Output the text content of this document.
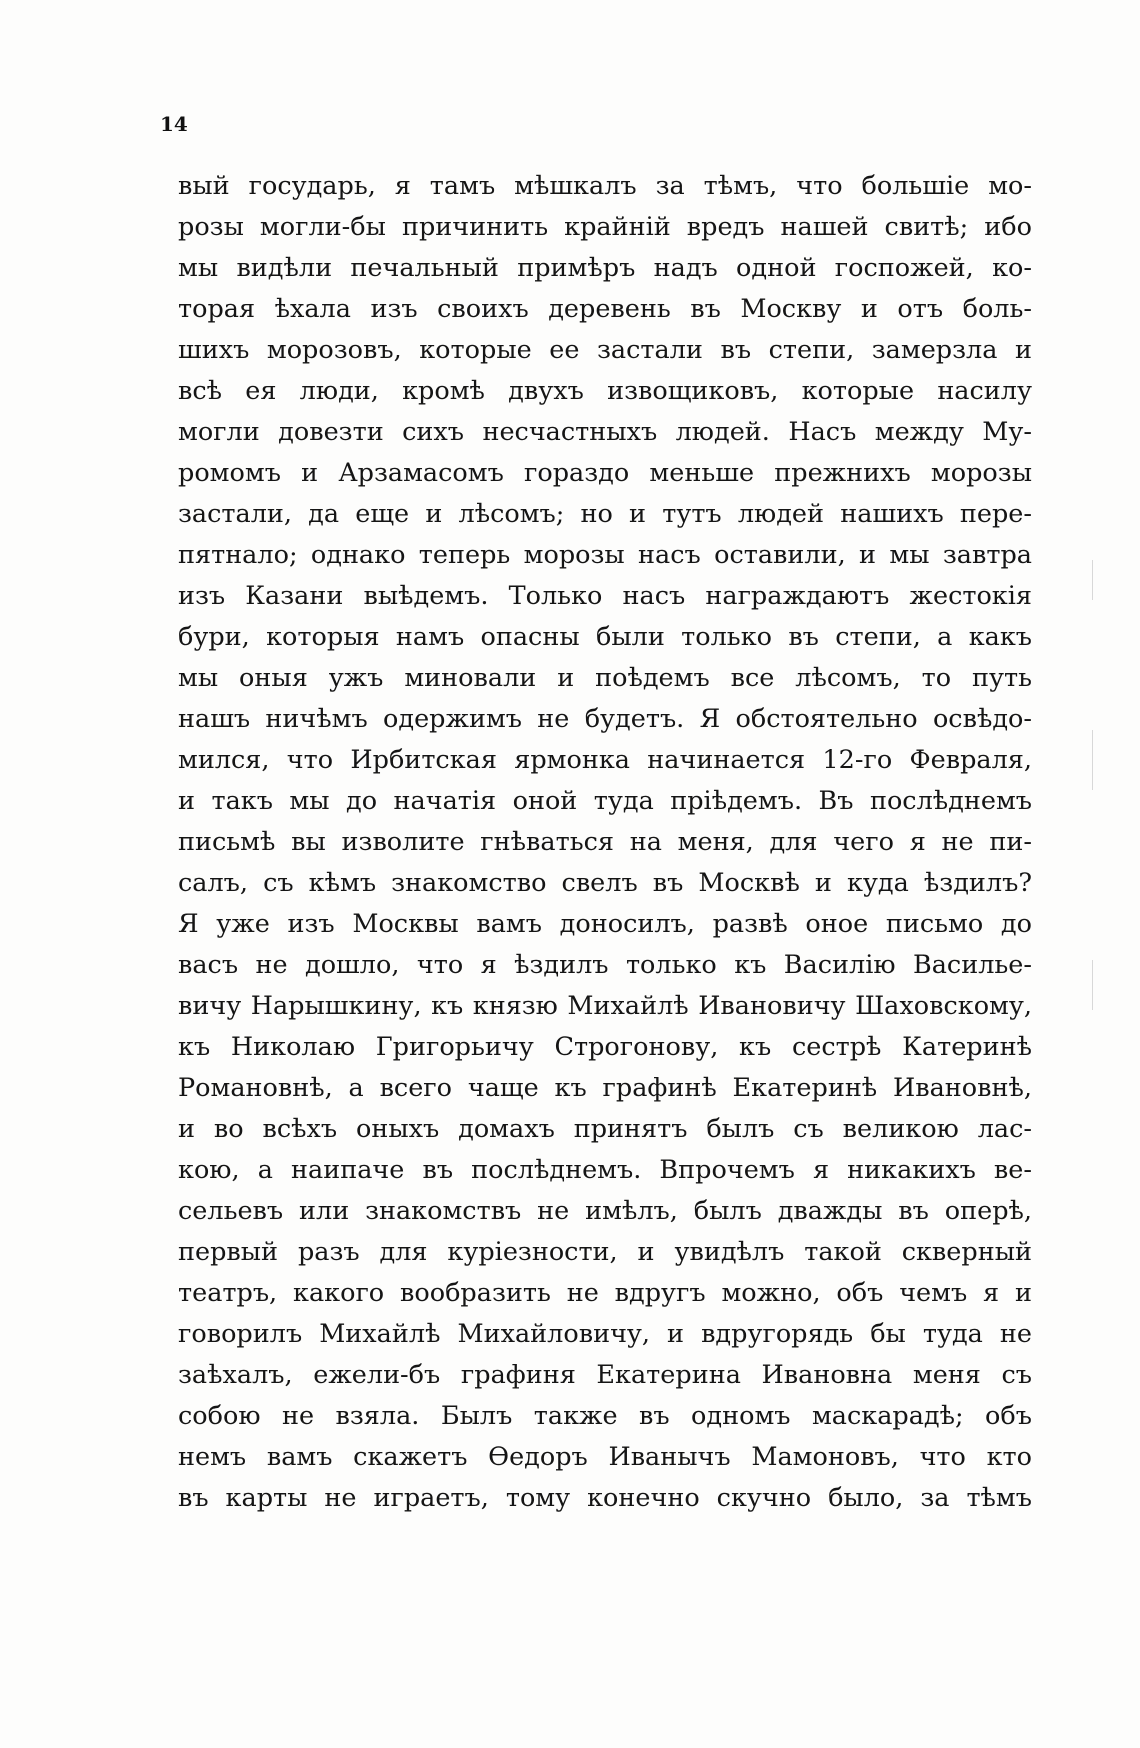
14
вый государь, я тамъ мѣшкалъ за тѣмъ, что большіе мо-
розы могли-бы причинить крайній вредъ нашей свитѣ; ибо
мы видѣли печальный примѣръ надъ одной госпожей, ко-
торая ѣхала изъ своихъ деревень въ Москву и отъ боль-
шихъ морозовъ, которые ее застали въ степи, замерзла и
всѣ ея люди, кромѣ двухъ извощиковъ, которые насилу
могли довезти сихъ несчастныхъ людей. Насъ между Му-
ромомъ и Арзамасомъ гораздо меньше прежнихъ морозы
застали, да еще и лѣсомъ; но и тутъ людей нашихъ пере-
пятнало; однако теперь морозы насъ оставили, и мы завтра
изъ Казани выѣдемъ. Только насъ награждаютъ жестокія
бури, которыя намъ опасны были только въ степи, а какъ
мы оныя ужъ миновали и поѣдемъ все лѣсомъ, то путь
нашъ ничѣмъ одержимъ не будетъ. Я обстоятельно освѣдо-
мился, что Ирбитская ярмонка начинается 12-го Февраля,
и такъ мы до начатія оной туда пріѣдемъ. Въ послѣднемъ
письмѣ вы изволите гнѣваться на меня, для чего я не пи-
салъ, съ кѣмъ знакомство свелъ въ Москвѣ и куда ѣздилъ?
Я уже изъ Москвы вамъ доносилъ, развѣ оное письмо до
васъ не дошло, что я ѣздилъ только къ Василію Василье-
вичу Нарышкину, къ князю Михайлѣ Ивановичу Шаховскому,
къ Николаю Григорьичу Строгонову, къ сестрѣ Катеринѣ
Романовнѣ, а всего чаще къ графинѣ Екатеринѣ Ивановнѣ,
и во всѣхъ оныхъ домахъ принятъ былъ съ великою лас-
кою, а наипаче въ послѣднемъ. Впрочемъ я никакихъ ве-
сельевъ или знакомствъ не имѣлъ, былъ дважды въ оперѣ,
первый разъ для куріезности, и увидѣлъ такой скверный
театръ, какого вообразить не вдругъ можно, объ чемъ я и
говорилъ Михайлѣ Михайловичу, и вдругорядь бы туда не
заѣхалъ, ежели-бъ графиня Екатерина Ивановна меня съ
собою не взяла. Былъ также въ одномъ маскарадѣ; объ
немъ вамъ скажетъ Ѳедоръ Иванычъ Мамоновъ, что кто
въ карты не играетъ, тому конечно скучно было, за тѣмъ
